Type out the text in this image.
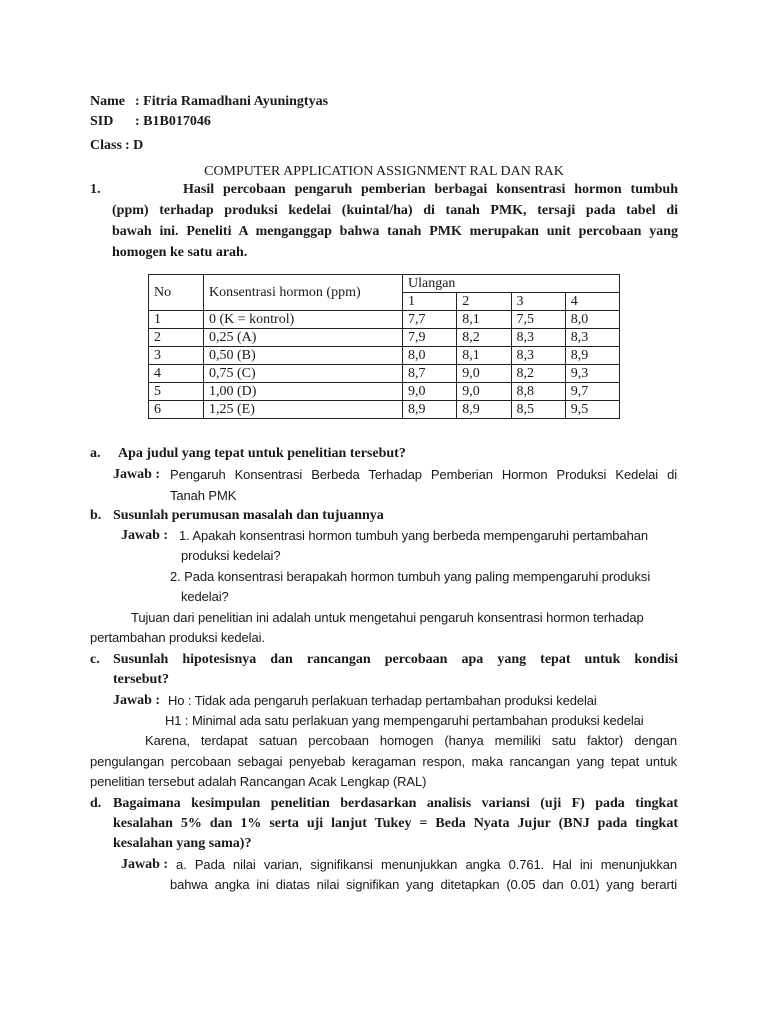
Name : Fitria Ramadhani Ayuningtyas
SID : B1B017046
Class : D
COMPUTER APPLICATION ASSIGNMENT RAL DAN RAK
1.	Hasil percobaan pengaruh pemberian berbagai konsentrasi hormon tumbuh
(ppm) terhadap produksi kedelai (kuintal/ha) di tanah PMK, tersaji pada tabel di
bawah ini. Peneliti A menganggap bahwa tanah PMK merupakan unit percobaan yang
homogen ke satu arah.
No	Konsentrasi hormon (ppm)	Ulangan			
		1	2	3	4
1	0 (K = kontrol)	7,7	8,1	7,5	8,0
2	0,25 (A)	7,9	8,2	8,3	8,3
3	0,50 (B)	8,0	8,1	8,3	8,9
4	0,75 (C)	8,7	9,0	8,2	9,3
5	1,00 (D)	9,0	9,0	8,8	9,7
6	1,25 (E)	8,9	8,9	8,5	9,5
a. Apa judul yang tepat untuk penelitian tersebut?
Jawab : Pengaruh Konsentrasi Berbeda Terhadap Pemberian Hormon Produksi Kedelai di
Tanah PMK
b. Susunlah perumusan masalah dan tujuannya
Jawab : 1. Apakah konsentrasi hormon tumbuh yang berbeda mempengaruhi pertambahan
produksi kedelai?
2. Pada konsentrasi berapakah hormon tumbuh yang paling mempengaruhi produksi
kedelai?
Tujuan dari penelitian ini adalah untuk mengetahui pengaruh konsentrasi hormon terhadap
pertambahan produksi kedelai.
c. Susunlah hipotesisnya dan rancangan percobaan apa yang tepat untuk kondisi
tersebut?
Jawab : Ho : Tidak ada pengaruh perlakuan terhadap pertambahan produksi kedelai
H1 : Minimal ada satu perlakuan yang mempengaruhi pertambahan produksi kedelai
Karena, terdapat satuan percobaan homogen (hanya memiliki satu faktor) dengan
pengulangan percobaan sebagai penyebab keragaman respon, maka rancangan yang tepat untuk
penelitian tersebut adalah Rancangan Acak Lengkap (RAL)
d. Bagaimana kesimpulan penelitian berdasarkan analisis variansi (uji F) pada tingkat
kesalahan 5% dan 1% serta uji lanjut Tukey = Beda Nyata Jujur (BNJ pada tingkat
kesalahan yang sama)?
Jawab : a. Pada nilai varian, signifikansi menunjukkan angka 0.761. Hal ini menunjukkan
bahwa angka ini diatas nilai signifikan yang ditetapkan (0.05 dan 0.01) yang berarti
